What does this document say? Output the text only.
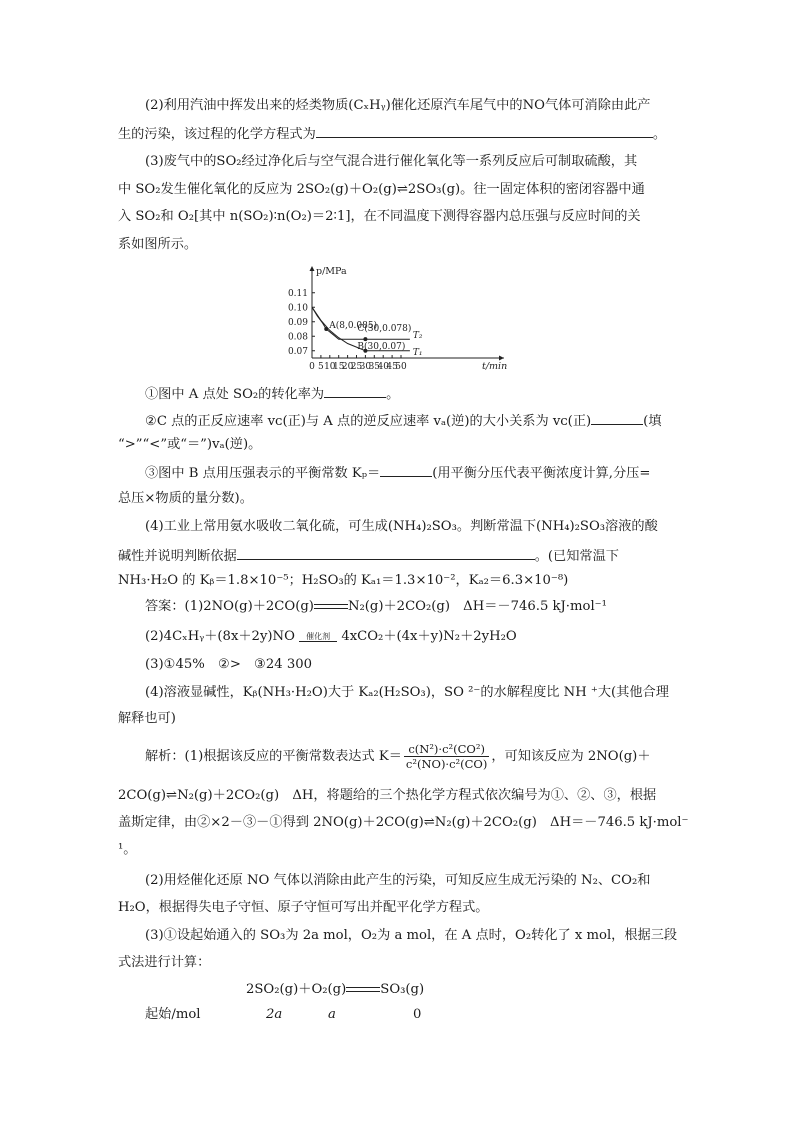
(2)利用汽油中挥发出来的烃类物质(CₓHᵧ)催化还原汽车尾气中的NO气体可消除由此产
生的污染，该过程的化学方程式为	。
(3)废气中的SO₂经过净化后与空气混合进行催化氧化等一系列反应后可制取硫酸，其
中 SO₂发生催化氧化的反应为 2SO₂(g)＋O₂(g)⇌2SO₃(g)。往一固定体积的密闭容器中通
入 SO₂和 O₂[其中 n(SO₂)∶n(O₂)＝2∶1]，在不同温度下测得容器内总压强与反应时间的关
系如图所示。
0.07
0.08
0.09
0.10
0.11
0 5 10
15
20
25
30
35
40
45
50
p/MPa
t/min
T₂
T₁
A(8,0.085)
C(30,0.078)
B(30,0.07)
①图中 A 点处 SO₂的转化率为	。
②C 点的正反应速率 vᴄ(正)与 A 点的逆反应速率 vₐ(逆)的大小关系为 vᴄ(正)	(填
“>”“<”或“＝”)vₐ(逆)。
③图中 B 点用压强表示的平衡常数 Kₚ＝	(用平衡分压代表平衡浓度计算,分压=
总压×物质的量分数)。
(4)工业上常用氨水吸收二氧化硫，可生成(NH₄)₂SO₃。判断常温下(NH₄)₂SO₃溶液的酸
碱性并说明判断依据	。(已知常温下
NH₃·H₂O 的 Kᵦ＝1.8×10⁻⁵；H₂SO₃的 Kₐ₁＝1.3×10⁻²，Kₐ₂＝6.3×10⁻⁸)
答案：(1)2NO(g)＋2CO(g)	N₂(g)＋2CO₂(g)　ΔH＝－746.5 kJ·mol⁻¹
(2)4CₓHᵧ＋(8x＋2y)NO	催化剂 4xCO₂＋(4x＋y)N₂＋2yH₂O
(3)①45%　②>　③24 300
(4)溶液显碱性，Kᵦ(NH₃·H₂O)大于 Kₐ₂(H₂SO₃)，SO ²⁻的水解程度比 NH ⁺大(其他合理
解释也可)
解析：(1)根据该反应的平衡常数表达式 $K= \frac{\text{c(N²)·c²(CO²)}}{\text{c²(NO)·c²(CO)}}$ ，可知该反应为 2NO(g)＋
2CO(g)⇌N₂(g)＋2CO₂(g)　ΔH，将题给的三个热化学方程式依次编号为①、②、③，根据
盖斯定律，由②×2－③－①得到 2NO(g)＋2CO(g)⇌N₂(g)＋2CO₂(g)　ΔH＝－746.5 kJ·mol⁻
¹。
(2)用烃催化还原 NO 气体以消除由此产生的污染，可知反应生成无污染的 N₂、CO₂和
H₂O，根据得失电子守恒、原子守恒可写出并配平化学方程式。
(3)①设起始通入的 SO₃为 2a mol，O₂为 a mol，在 A 点时，O₂转化了 x mol，根据三段
式法进行计算：
2SO₂(g)＋O₂(g)	SO₃(g)
起始/mol	2a	a	0
